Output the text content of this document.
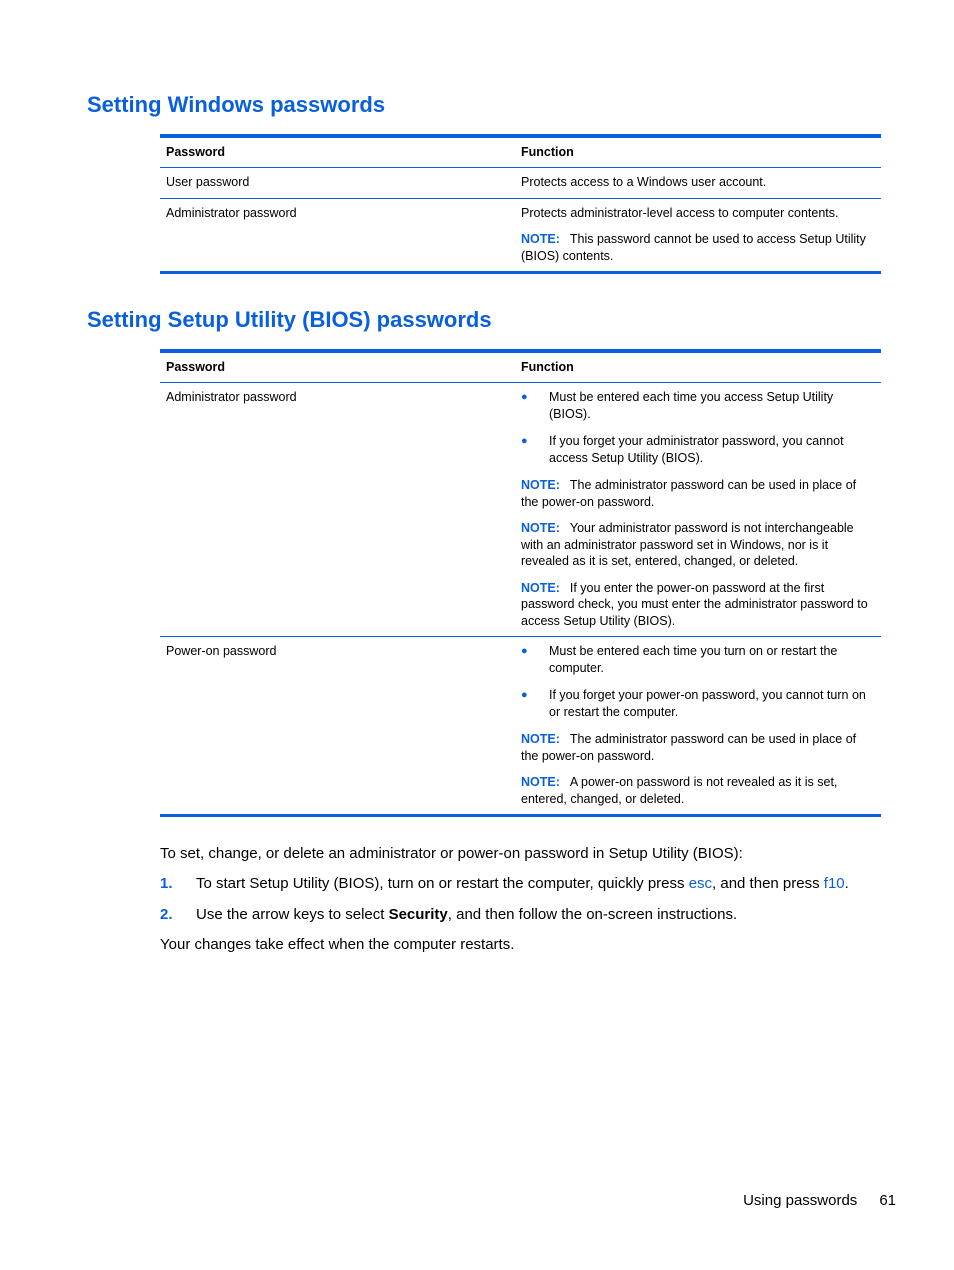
Setting Windows passwords
Password	Function
User password	Protects access to a Windows user account.
Administrator password	Protects administrator-level access to computer contents.

NOTE: This password cannot be used to access Setup Utility (BIOS) contents.

Setting Setup Utility (BIOS) passwords
Password	Function
Administrator password	●	Must be entered each time you access Setup Utility (BIOS).
●	If you forget your administrator password, you cannot access Setup Utility (BIOS).

NOTE: The administrator password can be used in place of the power-on password.

NOTE: Your administrator password is not interchangeable with an administrator password set in Windows, nor is it revealed as it is set, entered, changed, or deleted.

NOTE: If you enter the power-on password at the first password check, you must enter the administrator password to access Setup Utility (BIOS).

Power-on password	●	Must be entered each time you turn on or restart the computer.
●	If you forget your power-on password, you cannot turn on or restart the computer.

NOTE: The administrator password can be used in place of the power-on password.

NOTE: A power-on password is not revealed as it is set, entered, changed, or deleted.

To set, change, or delete an administrator or power-on password in Setup Utility (BIOS):

1.	To start Setup Utility (BIOS), turn on or restart the computer, quickly press esc, and then press f10.
2.	Use the arrow keys to select Security, and then follow the on-screen instructions.

Your changes take effect when the computer restarts.

Using passwords 61
